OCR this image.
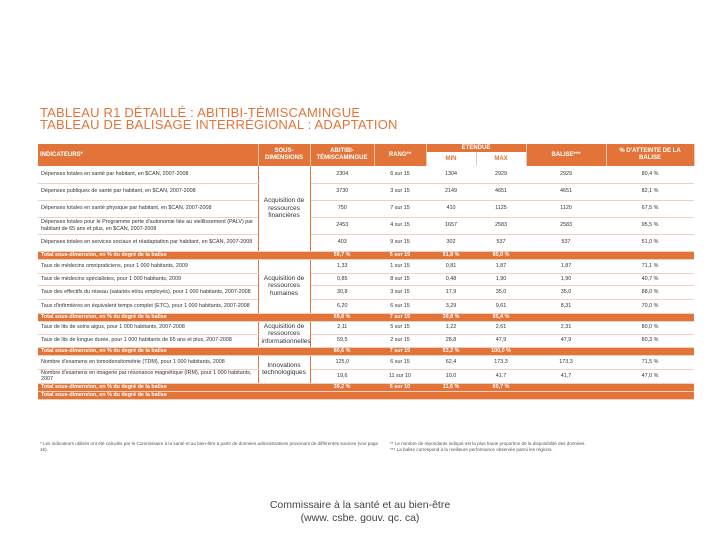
TABLEAU R1 DÉTAILLÉ : ABITIBI-TÉMISCAMINGUE
TABLEAU DE BALISAGE INTERRÉGIONAL : ADAPTATION
INDICATEURS*	SOUS-DIMENSIONS	ABITIBI-TÉMISCAMINGUE	RANG**	ÉTENDUE		BALISE***	% D'ATTEINTE DE LA BALISE
				MIN	MAX		
Dépenses totales en santé par habitant, en $CAN, 2007-2008	Acquisition de ressources financières	2304	6 sur 15	1304	2929	2929	80,4 %
Dépenses publiques de santé par habitant, en $CAN, 2007-2008		3730	3 sur 15	2149	4651	4651	82,1 %
Dépenses totales en santé physique par habitant, en $CAN, 2007-2008		750	7 sur 15	410	1125	1120	67,5 %
Dépenses totales pour le Programme perte d'autonomie liée au vieillissement (PALV) par habitant de 65 ans et plus, en $CAN, 2007-2008		2453	4 sur 15	1657	2583	2583	95,5 %
Dépenses totales en services sociaux et réadaptation par habitant, en $CAN, 2007-2008		403	9 sur 15	302	537	537	51,0 %
Total sous-dimension, en % du degré de la balise		59,7 %	5 sur 15	51,8 %	80,0 %		
Taux de médecins omnipraticiens, pour 1 000 habitants, 2009	Acquisition de ressources humaines	1,33	1 sur 15	0,81	1,87	1,87	71,1 %
Taux de médecins spécialistes, pour 1 000 habitants, 2009		0,85	8 sur 15	0,48	1,90	1,90	40,7 %
Taux des effectifs du réseau (salariés et/ou employés), pour 1 000 habitants, 2007-2008		30,8	3 sur 15	17,9	35,0	35,0	88,0 %
Taux d'infirmières en équivalent temps complet (ETC), pour 1 000 habitants, 2007-2008		6,20	6 sur 15	3,29	9,61	8,31	70,0 %
Total sous-dimension, en % du degré de la balise		69,8 %	7 sur 15	39,8 %	85,4 %		
Taux de lits de soins aigus, pour 1 000 habitants, 2007-2008	Acquisition de ressources informationnelles	2,11	5 sur 15	1,22	2,61	2,31	80,0 %
Taux de lits de longue durée, pour 1 000 habitants de 65 ans et plus, 2007-2008		59,5	2 sur 15	28,8	47,9	47,9	80,3 %
Total sous-dimension, en % du degré de la balise		80,6 %	7 sur 15	53,2 %	100,0 %		
Nombre d'examens en tomodensitométrie (TDM), pour 1 000 habitants, 2008	Innovations technologiques	125,0	6 sur 15	62,4	173,3	173,3	71,5 %
Nombre d'examens en imagerie par résonance magnétique (IRM), pour 1 000 habitants, 2007		19,6	11 sur 10	10,0	41,7	41,7	47,0 %
Total sous-dimension, en % du degré de la balise		39,2 %	6 sur 10	11,6 %	60,7 %		
Total sous-dimension, en % du degré de la balise							
* Les indicateurs utilisés ont été calculés par le Commissaire à la santé et au bien-être à partir de données administratives provenant de différentes sources (voir page 16).
** Le nombre de répondants indiqué est la plus haute proportion de la disponibilité des données.
*** La balise correspond à la meilleure performance observée parmi les régions.
Commissaire à la santé et au bien-être
(www. csbe. gouv. qc. ca)
